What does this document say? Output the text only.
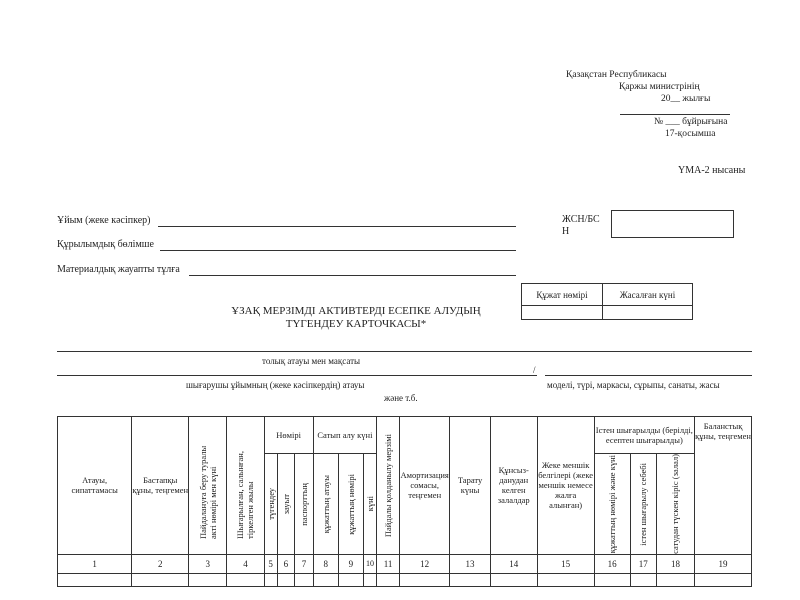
Қазақстан Республикасы
Қаржы министрінің
20__ жылғы
№ ___ бұйрығына
17-қосымша
ҮМА-2 нысаны
Ұйым (жеке кәсіпкер)	ЖСН/БС
Н
Құрылымдық бөлімше
Материалдық жауапты тұлға
Құжат нөмірі	Жасалған күні

ҰЗАҚ МЕРЗІМДІ АКТИВТЕРДІ ЕСЕПКЕ АЛУДЫҢ
ТҮГЕНДЕУ КАРТОЧКАСЫ*
толық атауы мен мақсаты
/
шығарушы ұйымның (жеке кәсіпкердің) атауы	моделі, түрі, маркасы, сұрыпы, санаты, жасы
және т.б.
Атауы, сипаттамасы	Бастапқы құны, теңгемен	Пайдалануға беру туралы акті нөмірі мен күні	Шығарылған, салынған, тіркелген жылы	Нөмірі			Сатып алу күні			Пайдалы қолданылу мерзімі	Амортизация сомасы, теңгемен	Тарату күны	Құнсыз-данудан келген залалдар	Жеке меншік белгілері (жеке меншік немесе жалға алынған)	Істен шығарылды (берілді, есептен шығарылды)			Баланстық құны, теңгемен

				түгендеу	зауыт	паспорттың	құжаттың атауы	құжаттың нөмірі	күні						құжаттың нөмірі және күні	істен шығарылу себебі	сатудан түскен кіріс (залал)	

1	2	3	4	5	6	7	8	9	10	11	12	13	14	15	16	17	18	19
